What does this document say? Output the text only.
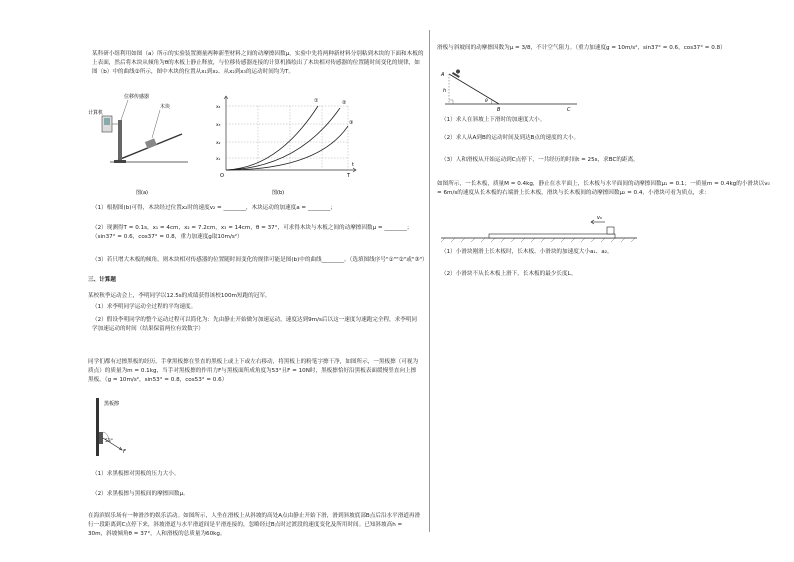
某科研小组利用如图（a）所示的实验装置测量两种新型材料之间的动摩擦因数μ，实验中先将两种新材料分别粘到木块的下面和木板的上表面，然后将木块从倾角为θ的木板上静止释放，与位移传感器连接的计算机描绘出了木块相对传感器的位置随时间变化的规律，如图（b）中的曲线②所示，图中木块的位置从x₁到x₂、从x₂到x₃的运动时间均为T。

位移传感器
木块
计算机
图(a)
x₄
x₃
x₂
x₁
①	②
③
O	T
t
图(b)

（1）根据图(b)可得，木块经过位置x₂时的速度v₂ = ________，木块运动的加速度a = ________；

（2）现测得T = 0.1s，x₁ = 4cm，x₂ = 7.2cm，x₃ = 14cm，θ = 37°，可求得木块与木板之间的动摩擦因数μ = ________；（sin37° = 0.6，cos37° = 0.8，重力加速度g取10m/s²）

（3）若只增大木板的倾角，则木块相对传感器的位置随时间变化的规律可能是图(b)中的曲线________。（选填图线序号"①""②"或"③"）

三、计算题

某校秋季运动会上，李明同学以12.5s的成绩获得该校100m短跑的冠军。

（1）求李明同学运动全过程的平均速度。

（2）假设李明同学的整个运动过程可以简化为：先由静止开始做匀加速运动，速度达到9m/s后以这一速度匀速跑完全程，求李明同学加速运动的时间（结果保留两位有效数字）

同学们都有过擦黑板的经历，手拿黑板擦在竖直的黑板上或上下或左右移动，将黑板上的粉笔字擦干净，如图所示，一黑板擦（可视为质点）的质量为m = 0.1kg，当手对黑板擦的作用力F与黑板面所成角度为53°且F = 10N时，黑板擦恰好沿黑板表面缓慢竖直向上擦黑板。（g = 10m/s²，sin53° = 0.8，cos53° = 0.6）

黑板擦
53°
F

（1）求黑板擦对黑板的压力大小。

（2）求黑板擦与黑板间的摩擦因数μ。

在海滨娱乐场有一种滑沙的娱乐活动。如图所示，人坐在滑板上从斜坡的高处A点由静止开始下滑，滑到斜坡底部B点后沿水平滑道再滑行一段距离到C点停下来，斜坡滑道与水平滑道间是平滑连接的，忽略经过B点时过渡段的速度变化及所用时间。已知斜坡高h = 30m，斜坡倾角θ = 37°，人和滑板的总质量为60kg。

滑板与斜坡间的动摩擦因数为μ = 3/8，不计空气阻力。（重力加速度g = 10m/s²，sin37° = 0.6，cos37° = 0.8）

A
h
θ
B	C

（1）求人在斜坡上下滑时的加速度大小。

（2）求人从A到B的运动时间及到达B点的速度的大小。

（3）人和滑板从开始运动到C点停下，一共经历的时间t = 25s，求BC的距离。

如图所示，一长木板，质量M = 0.4kg，静止在水平面上，长木板与水平面间的动摩擦因数μ₁ = 0.1；一质量m = 0.4kg的小滑块以v₀ = 6m/s的速度从长木板的右端滑上长木板，滑块与长木板间的动摩擦因数μ₂ = 0.4，小滑块可看为质点，求：

v₀

（1）小滑块刚滑上长木板时，长木板、小滑块的加速度大小a₁、a₂。

（2）小滑块不从长木板上滑下，长木板的最少长度L。
